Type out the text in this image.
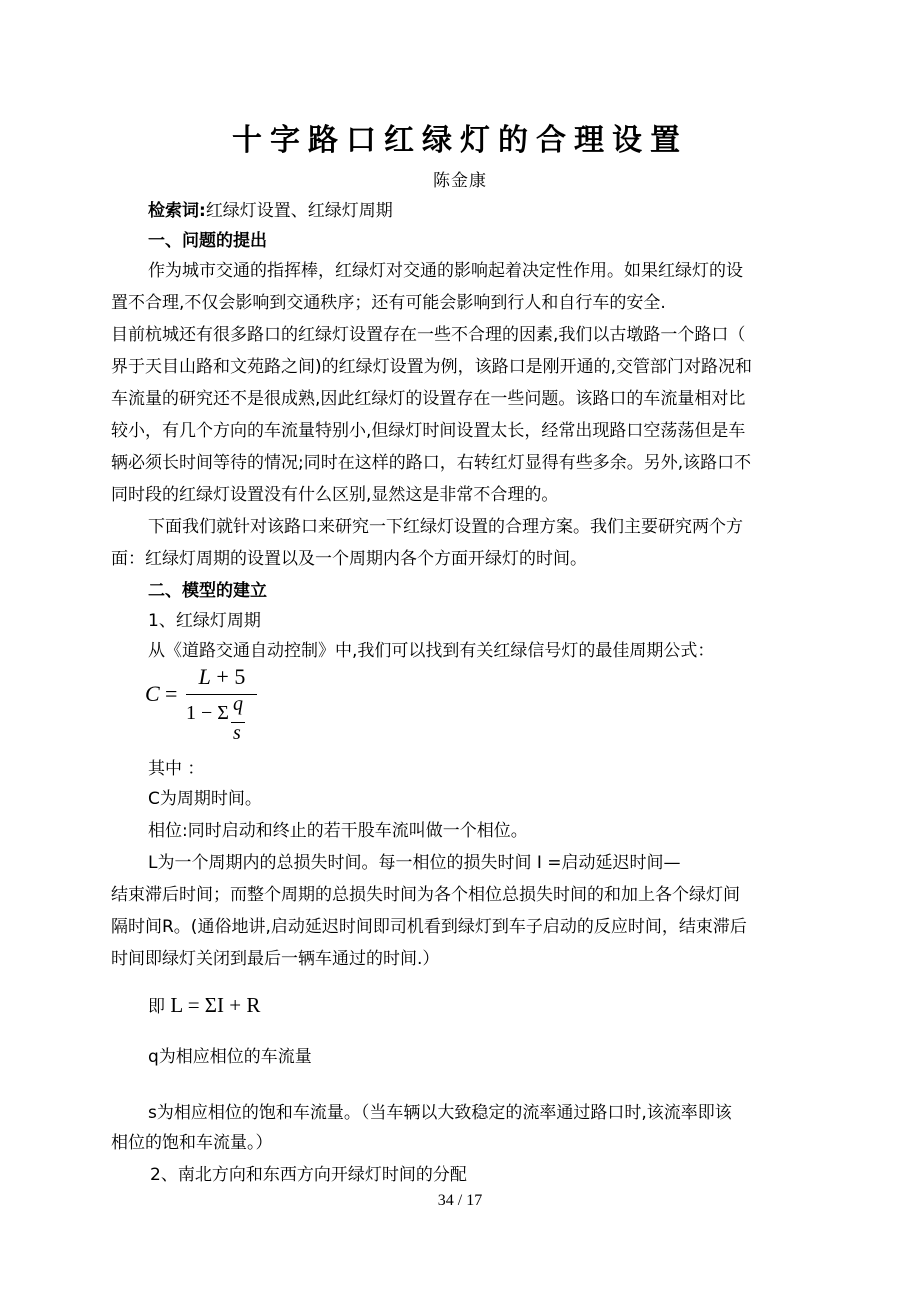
十字路口红绿灯的合理设置
陈金康
检索词:红绿灯设置、红绿灯周期
一、问题的提出
作为城市交通的指挥棒，红绿灯对交通的影响起着决定性作用。如果红绿灯的设
置不合理,不仅会影响到交通秩序；还有可能会影响到行人和自行车的安全.
目前杭城还有很多路口的红绿灯设置存在一些不合理的因素,我们以古墩路一个路口（
界于天目山路和文苑路之间)的红绿灯设置为例，该路口是刚开通的,交管部门对路况和
车流量的研究还不是很成熟,因此红绿灯的设置存在一些问题。该路口的车流量相对比
较小，有几个方向的车流量特别小,但绿灯时间设置太长，经常出现路口空荡荡但是车
辆必须长时间等待的情况;同时在这样的路口，右转红灯显得有些多余。另外,该路口不
同时段的红绿灯设置没有什么区别,显然这是非常不合理的。
下面我们就针对该路口来研究一下红绿灯设置的合理方案。我们主要研究两个方
面：红绿灯周期的设置以及一个周期内各个方面开绿灯的时间。
二、模型的建立
1、红绿灯周期
从《道路交通自动控制》中,我们可以找到有关红绿信号灯的最佳周期公式：
C =
L + 5
1 − Σ q
s
其中 ：
C为周期时间。
相位:同时启动和终止的若干股车流叫做一个相位。
L为一个周期内的总损失时间。每一相位的损失时间 I =启动延迟时间—
结束滞后时间；而整个周期的总损失时间为各个相位总损失时间的和加上各个绿灯间
隔时间R。(通俗地讲,启动延迟时间即司机看到绿灯到车子启动的反应时间，结束滞后
时间即绿灯关闭到最后一辆车通过的时间.）
即 L = ΣI + R
q为相应相位的车流量
s为相应相位的饱和车流量。（当车辆以大致稳定的流率通过路口时,该流率即该
相位的饱和车流量。）
2、南北方向和东西方向开绿灯时间的分配
34 / 17
